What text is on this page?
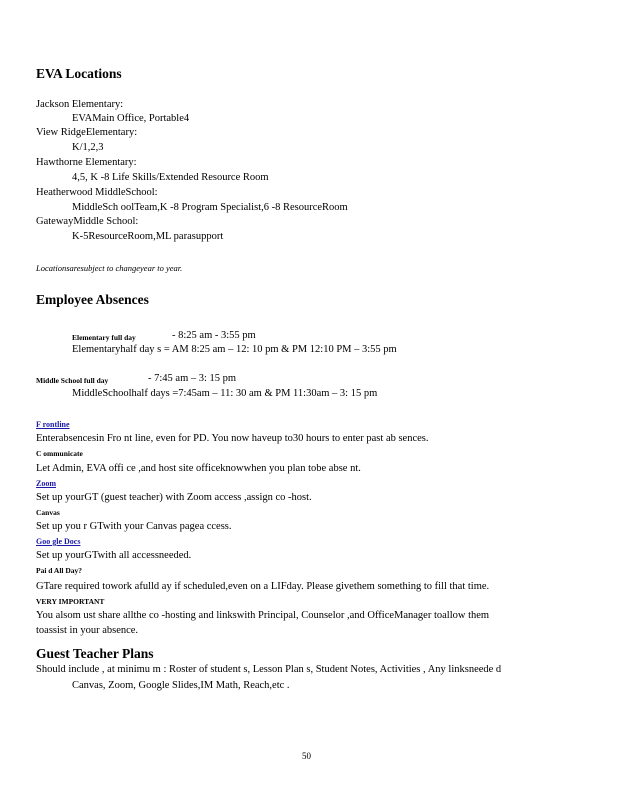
EVA Locations
Jackson Elementary:
EVAMain Office, Portable4
View RidgeElementary:
K/1,2,3
Hawthorne Elementary:
4,5, K -8 Life Skills/Extended Resource Room
Heatherwood MiddleSchool:
MiddleSch oolTeam,K -8 Program Specialist,6 -8 ResourceRoom
GatewayMiddle School:
K-5ResourceRoom,ML parasupport
Locationsaresubject to changeyear to year.
Employee Absences
Elementary full day	- 8:25 am - 3:55 pm
Elementaryhalf day s = AM 8:25 am – 12: 10 pm & PM 12:10 PM – 3:55 pm
Middle School full day	- 7:45 am – 3: 15 pm
MiddleSchoolhalf days =7:45am – 11: 30 am & PM 11:30am – 3: 15 pm
F rontline
Enterabsencesin Fro nt line, even for PD. You now haveup to30 hours to enter past ab sences.
C ommunicate
Let Admin, EVA offi ce ,and host site officeknowwhen you plan tobe abse nt.
Zoom
Set up yourGT (guest teacher) with Zoom access ,assign co -host.
Canvas
Set up you r GTwith your Canvas pagea ccess.
Goo gle Docs
Set up yourGTwith all accessneeded.
Pai d All Day?
GTare required towork afulld ay if scheduled,even on a LIFday. Please givethem something to fill that time.
VERY IMPORTANT
You alsom ust share allthe co -hosting and linkswith Principal, Counselor ,and OfficeManager toallow them
toassist in your absence.
Guest Teacher Plans
Should include , at minimu m : Roster of student s, Lesson Plan s, Student Notes, Activities , Any linksneede d
Canvas, Zoom, Google Slides,IM Math, Reach,etc .
50
